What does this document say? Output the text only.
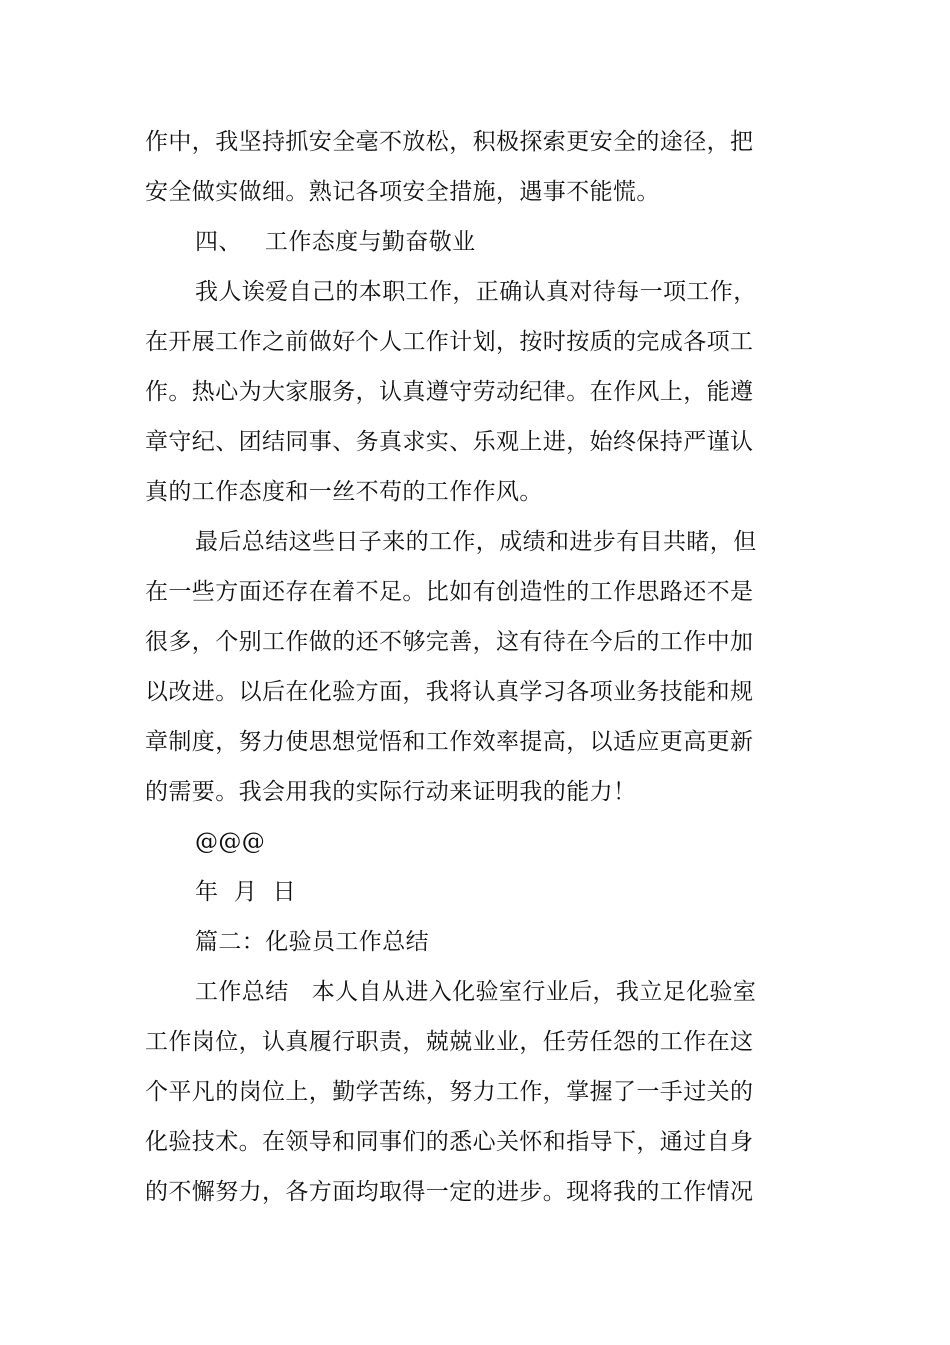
作中，我坚持抓安全毫不放松，积极探索更安全的途径，把
安全做实做细。熟记各项安全措施，遇事不能慌。
四、   工作态度与勤奋敬业
我人诶爱自己的本职工作，正确认真对待每一项工作，
在开展工作之前做好个人工作计划，按时按质的完成各项工
作。热心为大家服务，认真遵守劳动纪律。在作风上，能遵
章守纪、团结同事、务真求实、乐观上进，始终保持严谨认
真的工作态度和一丝不苟的工作作风。
最后总结这些日子来的工作，成绩和进步有目共睹，但
在一些方面还存在着不足。比如有创造性的工作思路还不是
很多，个别工作做的还不够完善，这有待在今后的工作中加
以改进。以后在化验方面，我将认真学习各项业务技能和规
章制度，努力使思想觉悟和工作效率提高，以适应更高更新
的需要。我会用我的实际行动来证明我的能力！
@@@
年  月  日
篇二：化验员工作总结
工作总结   本人自从进入化验室行业后，我立足化验室
工作岗位，认真履行职责，兢兢业业，任劳任怨的工作在这
个平凡的岗位上，勤学苦练，努力工作，掌握了一手过关的
化验技术。在领导和同事们的悉心关怀和指导下，通过自身
的不懈努力，各方面均取得一定的进步。现将我的工作情况
